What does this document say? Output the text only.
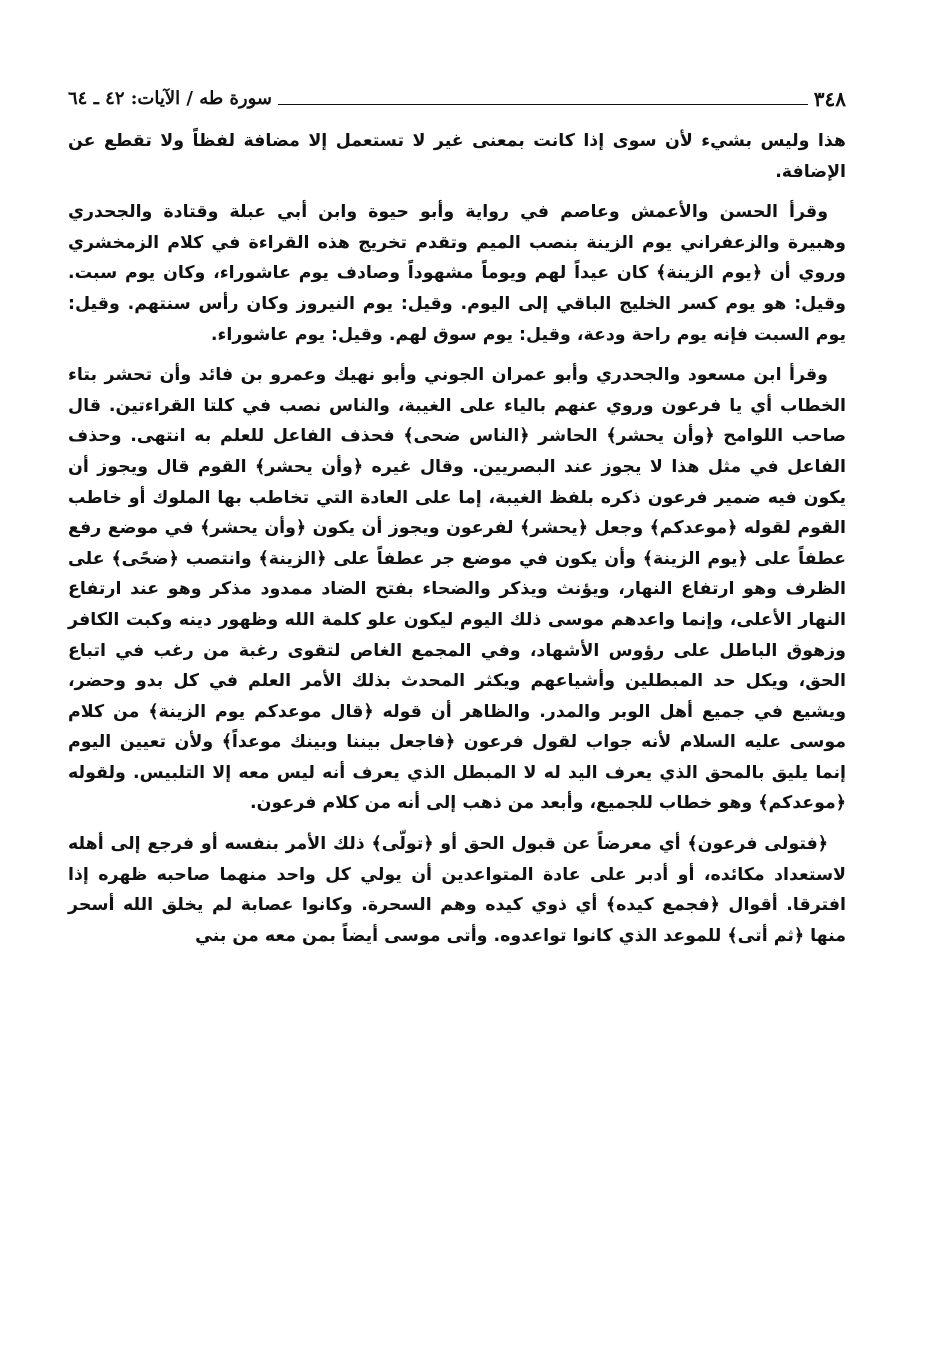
٣٤٨
سورة طه / الآيات: ٤٢ ـ ٦٤

هذا وليس بشيء لأن سوى إذا كانت بمعنى غير لا تستعمل إلا مضافة لفظاً ولا تقطع عن الإضافة.

وقرأ الحسن والأعمش وعاصم في رواية وأبو حيوة وابن أبي عبلة وقتادة والجحدري وهبيرة والزعفراني يوم الزينة بنصب الميم وتقدم تخريج هذه القراءة في كلام الزمخشري وروي أن ﴿يوم الزينة﴾ كان عيداً لهم ويوماً مشهوداً وصادف يوم عاشوراء، وكان يوم سبت. وقيل: هو يوم كسر الخليج الباقي إلى اليوم. وقيل: يوم النيروز وكان رأس سنتهم. وقيل: يوم السبت فإنه يوم راحة ودعة، وقيل: يوم سوق لهم. وقيل: يوم عاشوراء.

وقرأ ابن مسعود والجحدري وأبو عمران الجوني وأبو نهيك وعمرو بن فائد وأن تحشر بتاء الخطاب أي يا فرعون وروي عنهم بالياء على الغيبة، والناس نصب في كلتا القراءتين. قال صاحب اللوامح ﴿وأن يحشر﴾ الحاشر ﴿الناس ضحى﴾ فحذف الفاعل للعلم به انتهى. وحذف الفاعل في مثل هذا لا يجوز عند البصريين. وقال غيره ﴿وأن يحشر﴾ القوم قال ويجوز أن يكون فيه ضمير فرعون ذكره بلفظ الغيبة، إما على العادة التي تخاطب بها الملوك أو خاطب القوم لقوله ﴿موعدكم﴾ وجعل ﴿يحشر﴾ لفرعون ويجوز أن يكون ﴿وأن يحشر﴾ في موضع رفع عطفاً على ﴿يوم الزينة﴾ وأن يكون في موضع جر عطفاً على ﴿الزينة﴾ وانتصب ﴿ضحًى﴾ على الظرف وهو ارتفاع النهار، ويؤنث ويذكر والضحاء بفتح الضاد ممدود مذكر وهو عند ارتفاع النهار الأعلى، وإنما واعدهم موسى ذلك اليوم ليكون علو كلمة الله وظهور دينه وكبت الكافر وزهوق الباطل على رؤوس الأشهاد، وفي المجمع الغاص لتقوى رغبة من رغب في اتباع الحق، ويكل حد المبطلين وأشياعهم ويكثر المحدث بذلك الأمر العلم في كل بدو وحضر، ويشيع في جميع أهل الوبر والمدر. والظاهر أن قوله ﴿قال موعدكم يوم الزينة﴾ من كلام موسى عليه السلام لأنه جواب لقول فرعون ﴿فاجعل بيننا وبينك موعداً﴾ ولأن تعيين اليوم إنما يليق بالمحق الذي يعرف اليد له لا المبطل الذي يعرف أنه ليس معه إلا التلبيس. ولقوله ﴿موعدكم﴾ وهو خطاب للجميع، وأبعد من ذهب إلى أنه من كلام فرعون.

﴿فتولى فرعون﴾ أي معرضاً عن قبول الحق أو ﴿تولّى﴾ ذلك الأمر بنفسه أو فرجع إلى أهله لاستعداد مكائده، أو أدبر على عادة المتواعدين أن يولي كل واحد منهما صاحبه ظهره إذا افترقا. أقوال ﴿فجمع كيده﴾ أي ذوي كيده وهم السحرة. وكانوا عصابة لم يخلق الله أسحر منها ﴿ثم أتى﴾ للموعد الذي كانوا تواعدوه. وأتى موسى أيضاً بمن معه من بني
